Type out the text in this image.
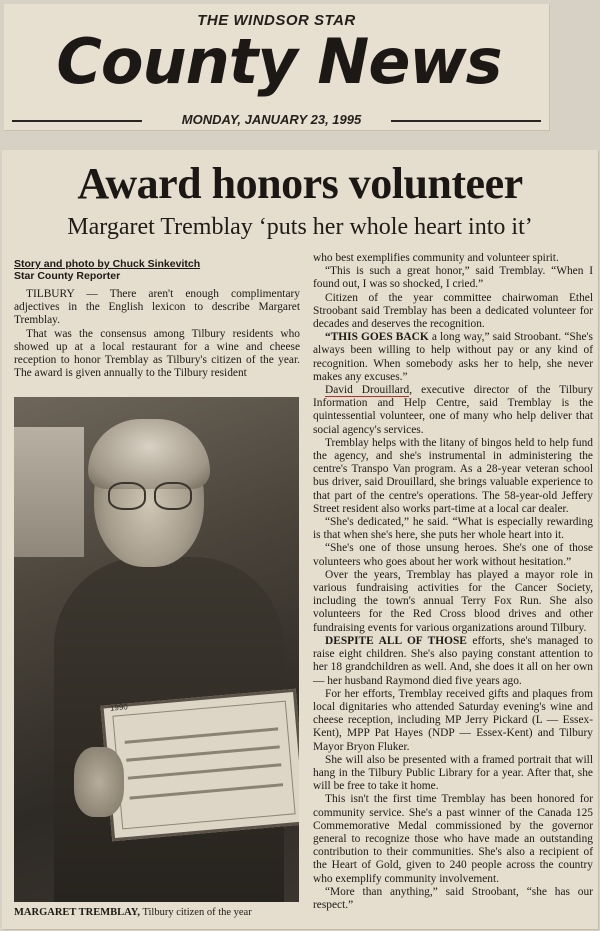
THE WINDSOR STAR
County News
MONDAY, JANUARY 23, 1995
Award honors volunteer
Margaret Tremblay ‘puts her whole heart into it’

Story and photo by Chuck Sinkevitch

Star County Reporter

TILBURY — There aren't enough complimentary adjectives in the English lexicon to describe Margaret Tremblay.

That was the consensus among Tilbury residents who showed up at a local restaurant for a wine and cheese reception to honor Tremblay as Tilbury's citizen of the year. The award is given annually to the Tilbury resident

1990
MARGARET TREMBLAY, Tilbury citizen of the year

who best exemplifies community and volunteer spirit.

“This is such a great honor,” said Tremblay. “When I found out, I was so shocked, I cried.”

Citizen of the year committee chairwoman Ethel Stroobant said Tremblay has been a dedicated volunteer for decades and deserves the recognition.

“THIS GOES BACK a long way,” said Stroobant. “She's always been willing to help without pay or any kind of recognition. When somebody asks her to help, she never makes any excuses.”

David Drouillard, executive director of the Tilbury Information and Help Centre, said Tremblay is the quintessential volunteer, one of many who help deliver that social agency's services.

Tremblay helps with the litany of bingos held to help fund the agency, and she's instrumental in administering the centre's Transpo Van program. As a 28-year veteran school bus driver, said Drouillard, she brings valuable experience to that part of the centre's operations. The 58-year-old Jeffery Street resident also works part-time at a local car dealer.

“She's dedicated,” he said. “What is especially rewarding is that when she's here, she puts her whole heart into it.

“She's one of those unsung heroes. She's one of those volunteers who goes about her work without hesitation.”

Over the years, Tremblay has played a mayor role in various fundraising activities for the Cancer Society, including the town's annual Terry Fox Run. She also volunteers for the Red Cross blood drives and other fundraising events for various organizations around Tilbury.

DESPITE ALL OF THOSE efforts, she's managed to raise eight children. She's also paying constant attention to her 18 grandchildren as well. And, she does it all on her own — her husband Raymond died five years ago.

For her efforts, Tremblay received gifts and plaques from local dignitaries who attended Saturday evening's wine and cheese reception, including MP Jerry Pickard (L — Essex-Kent), MPP Pat Hayes (NDP — Essex-Kent) and Tilbury Mayor Bryon Fluker.

She will also be presented with a framed portrait that will hang in the Tilbury Public Library for a year. After that, she will be free to take it home.

This isn't the first time Tremblay has been honored for community service. She's a past winner of the Canada 125 Commemorative Medal commissioned by the governor general to recognize those who have made an outstanding contribution to their communities. She's also a recipient of the Heart of Gold, given to 240 people across the country who exemplify community involvement.

“More than anything,” said Stroobant, “she has our respect.”
